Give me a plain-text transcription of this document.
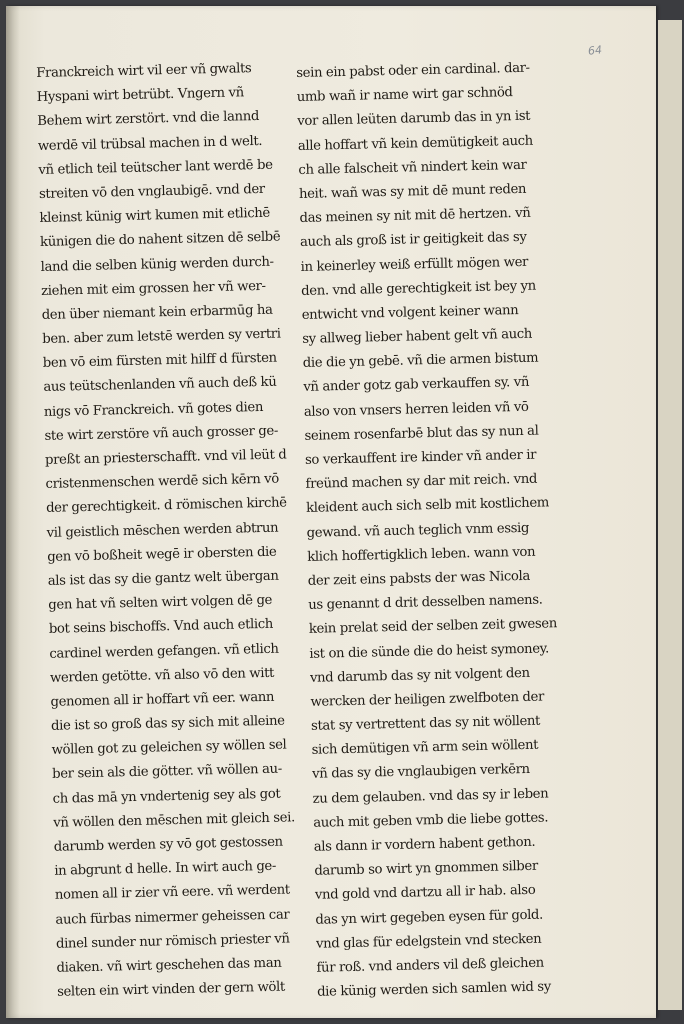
64
Franckreich wirt vil eer vñ gwalts
Hyspani wirt betrübt. Vngern vñ
Behem wirt zerstört. vnd die lannd
werdē vil trübsal machen in d welt.
vñ etlich teil teütscher lant werdē be
streiten vō den vnglaubigē. vnd der
kleinst künig wirt kumen mit etlichē
künigen die do nahent sitzen dē selbē
land die selben künig werden durch-
ziehen mit eim grossen her vñ wer-
den über niemant kein erbarmūg ha
ben. aber zum letstē werden sy vertri
ben vō eim fürsten mit hilff d fürsten
aus teütschenlanden vñ auch deß kü
nigs vō Franckreich. vñ gotes dien
ste wirt zerstöre vñ auch grosser ge-
preßt an priesterschafft. vnd vil leüt d
cristenmenschen werdē sich kērn vō
der gerechtigkeit. d römischen kirchē
vil geistlich mēschen werden abtrun
gen vō boßheit wegē ir obersten die
als ist das sy die gantz welt übergan
gen hat vñ selten wirt volgen dē ge
bot seins bischoffs. Vnd auch etlich
cardinel werden gefangen. vñ etlich
werden getötte. vñ also vō den witt
genomen all ir hoffart vñ eer. wann
die ist so groß das sy sich mit alleine
wöllen got zu geleichen sy wöllen sel
ber sein als die götter. vñ wöllen au-
ch das mā yn vndertenig sey als got
vñ wöllen den mēschen mit gleich sei.
darumb werden sy vō got gestossen
in abgrunt d helle. In wirt auch ge-
nomen all ir zier vñ eere. vñ werdent
auch fürbas nimermer geheissen car
dinel sunder nur römisch priester vñ
diaken. vñ wirt geschehen das man
selten ein wirt vinden der gern wölt
sein ein pabst oder ein cardinal. dar-
umb wañ ir name wirt gar schnöd
vor allen leüten darumb das in yn ist
alle hoffart vñ kein demütigkeit auch
ch alle falscheit vñ nindert kein war
heit. wañ was sy mit dē munt reden
das meinen sy nit mit dē hertzen. vñ
auch als groß ist ir geitigkeit das sy
in keinerley weiß erfüllt mögen wer
den. vnd alle gerechtigkeit ist bey yn
entwicht vnd volgent keiner wann
sy allweg lieber habent gelt vñ auch
die die yn gebē. vñ die armen bistum
vñ ander gotz gab verkauffen sy. vñ
also von vnsers herren leiden vñ vō
seinem rosenfarbē blut das sy nun al
so verkauffent ire kinder vñ ander ir
freünd machen sy dar mit reich. vnd
kleident auch sich selb mit kostlichem
gewand. vñ auch teglich vnm essig
klich hoffertigklich leben. wann von
der zeit eins pabsts der was Nicola
us genannt d drit desselben namens.
kein prelat seid der selben zeit gwesen
ist on die sünde die do heist symoney.
vnd darumb das sy nit volgent den
wercken der heiligen zwelfboten der
stat sy vertrettent das sy nit wöllent
sich demütigen vñ arm sein wöllent
vñ das sy die vnglaubigen verkērn
zu dem gelauben. vnd das sy ir leben
auch mit geben vmb die liebe gottes.
als dann ir vordern habent gethon.
darumb so wirt yn gnommen silber
vnd gold vnd dartzu all ir hab. also
das yn wirt gegeben eysen für gold.
vnd glas für edelgstein vnd stecken
für roß. vnd anders vil deß gleichen
die künig werden sich samlen wid sy
